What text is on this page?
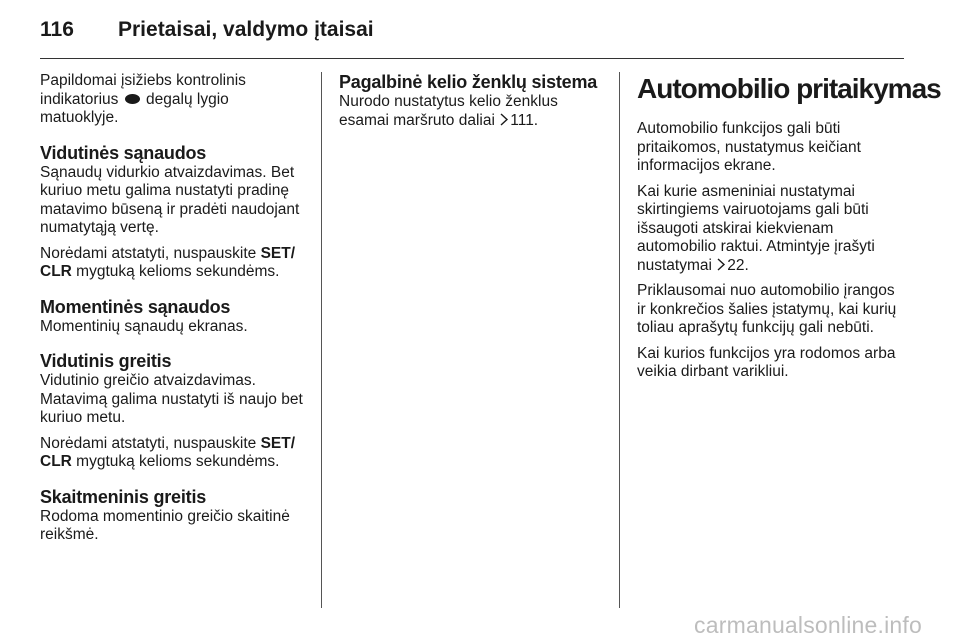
116 Prietaisai, valdymo įtaisai

Papildomai įsižiebs kontrolinis indikatorius degalų lygio matuoklyje.

Vidutinės sąnaudos

Sąnaudų vidurkio atvaizdavimas. Bet kuriuo metu galima nustatyti pradinę matavimo būseną ir pradėti naudojant numatytąją vertę.

Norėdami atstatyti, nuspauskite SET/ CLR mygtuką kelioms sekundėms.

Momentinės sąnaudos

Momentinių sąnaudų ekranas.

Vidutinis greitis

Vidutinio greičio atvaizdavimas. Matavimą galima nustatyti iš naujo bet kuriuo metu.

Norėdami atstatyti, nuspauskite SET/ CLR mygtuką kelioms sekundėms.

Skaitmeninis greitis

Rodoma momentinio greičio skaitinė reikšmė.

Pagalbinė kelio ženklų sistema

Nurodo nustatytus kelio ženklus esamai maršruto daliai 111.

Automobilio pritaikymas

Automobilio funkcijos gali būti pritaikomos, nustatymus keičiant informacijos ekrane.

Kai kurie asmeniniai nustatymai skirtingiems vairuotojams gali būti išsaugoti atskirai kiekvienam automobilio raktui. Atmintyje įrašyti nustatymai 22.

Priklausomai nuo automobilio įrangos ir konkrečios šalies įstatymų, kai kurių toliau aprašytų funkcijų gali nebūti.

Kai kurios funkcijos yra rodomos arba veikia dirbant varikliui.

carmanualsonline.info
